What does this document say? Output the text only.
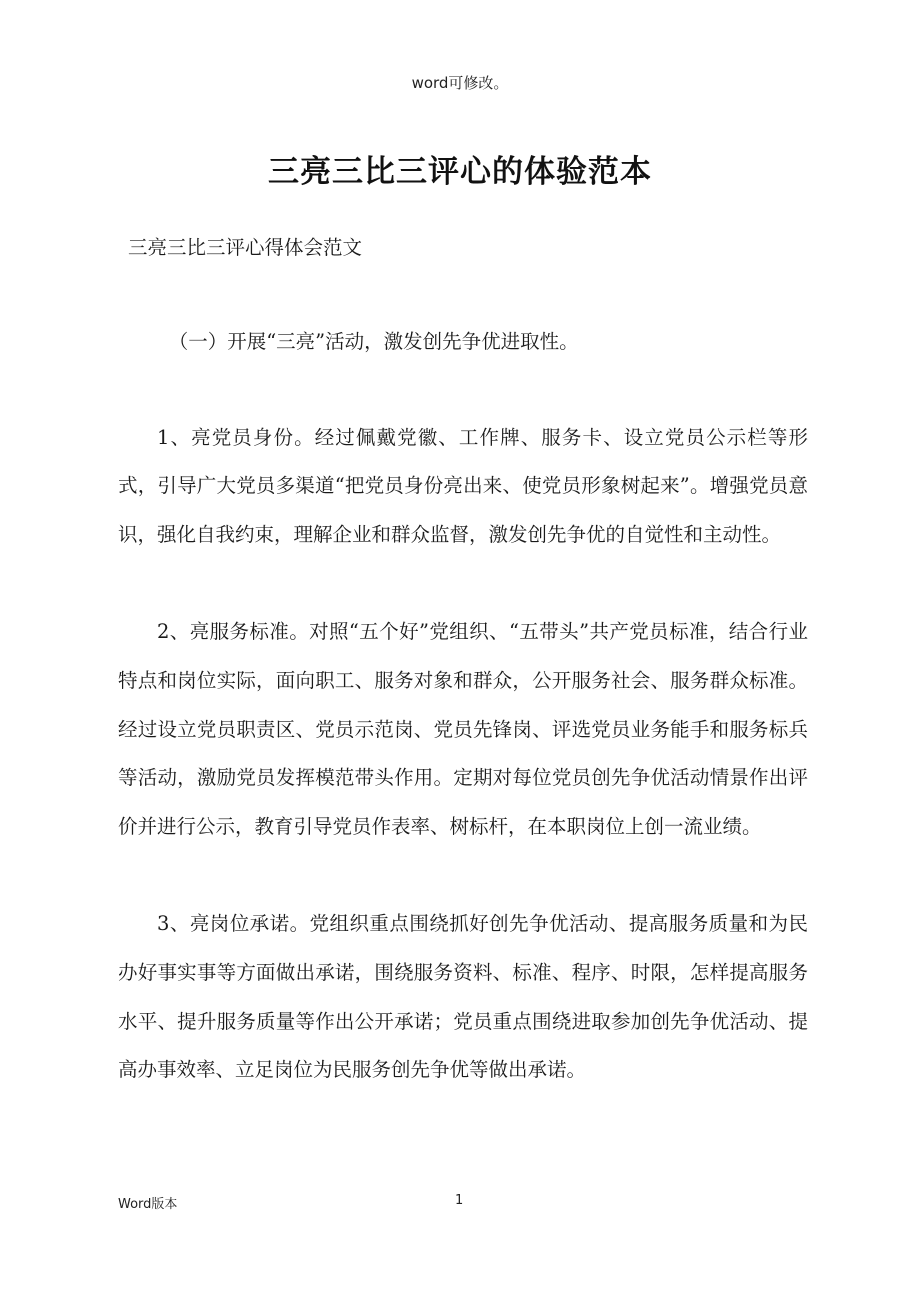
word可修改。
三亮三比三评心的体验范本

三亮三比三评心得体会范文

（一）开展“三亮”活动，激发创先争优进取性。

1、亮党员身份。经过佩戴党徽、工作牌、服务卡、设立党员公示栏等形式，引导广大党员多渠道“把党员身份亮出来、使党员形象树起来”。增强党员意识，强化自我约束，理解企业和群众监督，激发创先争优的自觉性和主动性。

2、亮服务标准。对照“五个好”党组织、“五带头”共产党员标准，结合行业特点和岗位实际，面向职工、服务对象和群众，公开服务社会、服务群众标准。经过设立党员职责区、党员示范岗、党员先锋岗、评选党员业务能手和服务标兵等活动，激励党员发挥模范带头作用。定期对每位党员创先争优活动情景作出评价并进行公示，教育引导党员作表率、树标杆，在本职岗位上创一流业绩。

3、亮岗位承诺。党组织重点围绕抓好创先争优活动、提高服务质量和为民办好事实事等方面做出承诺，围绕服务资料、标准、程序、时限，怎样提高服务水平、提升服务质量等作出公开承诺；党员重点围绕进取参加创先争优活动、提高办事效率、立足岗位为民服务创先争优等做出承诺。

Word版本	1
